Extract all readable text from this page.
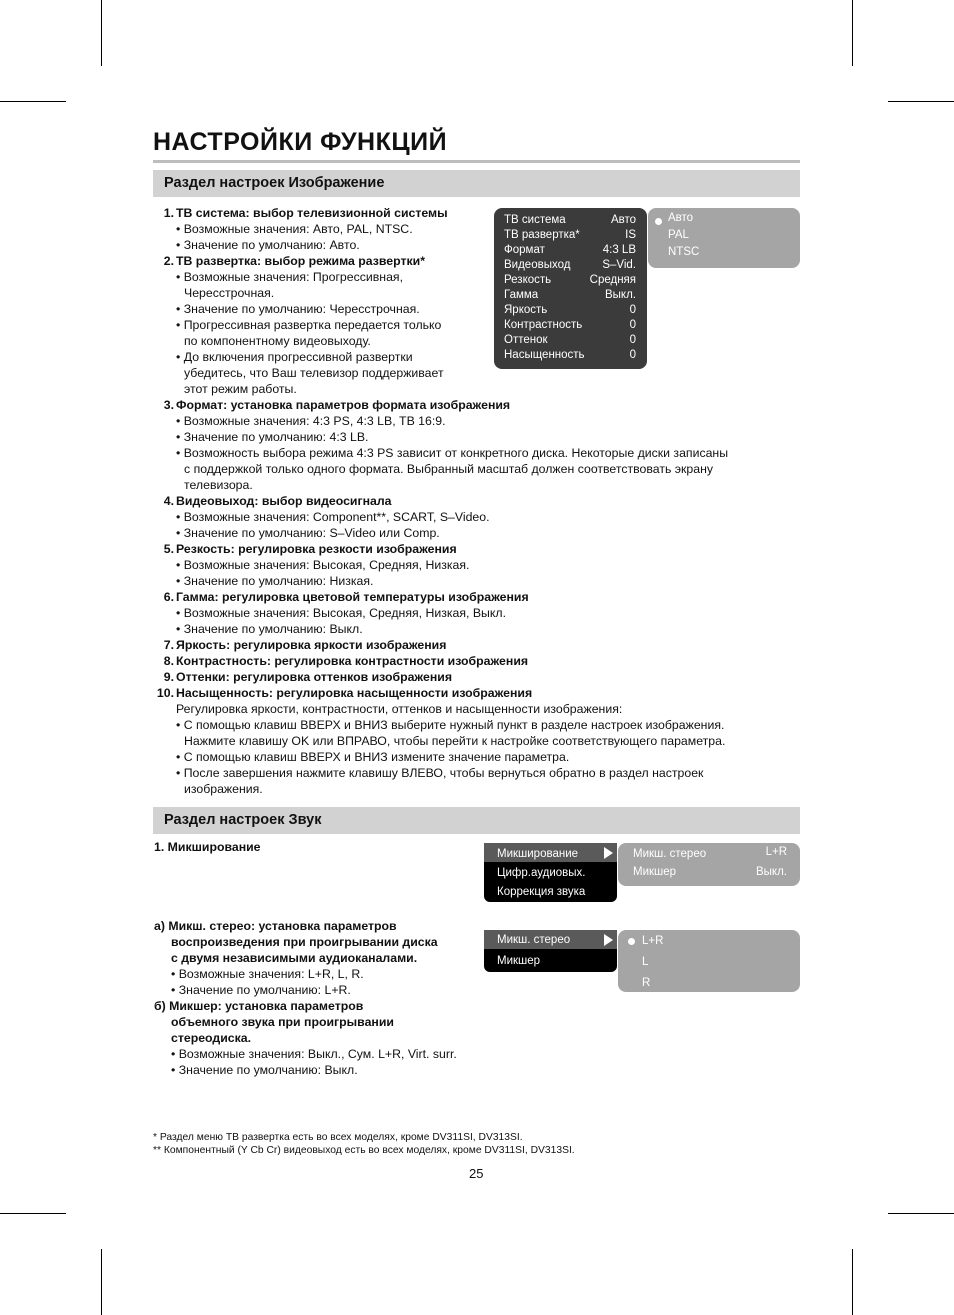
НАСТРОЙКИ ФУНКЦИЙ
Раздел настроек Изображение
1. ТВ система: выбор телевизионной системы
• Возможные значения: Авто, PAL, NTSC.
• Значение по умолчанию: Авто.
2. ТВ развертка: выбор режима развертки*
• Возможные значения: Прогрессивная,
Чересстрочная.
• Значение по умолчанию: Чересстрочная.
• Прогрессивная развертка передается только
по компонентному видеовыходу.
• До включения прогрессивной развертки
убедитесь, что Ваш телевизор поддерживает
этот режим работы.
3. Формат: установка параметров формата изображения
• Возможные значения: 4:3 PS, 4:3 LB, ТВ 16:9.
• Значение по умолчанию: 4:3 LB.
• Возможность выбора режима 4:3 PS зависит от конкретного диска. Некоторые диски записаны
с поддержкой только одного формата. Выбранный масштаб должен соответствовать экрану
телевизора.
4. Видеовыход: выбор видеосигнала
• Возможные значения: Component**, SCART, S–Video.
• Значение по умолчанию: S–Video или Comp.
5. Резкость: регулировка резкости изображения
• Возможные значения: Высокая, Средняя, Низкая.
• Значение по умолчанию: Низкая.
6. Гамма: регулировка цветовой температуры изображения
• Возможные значения: Высокая, Средняя, Низкая, Выкл.
• Значение по умолчанию: Выкл.
7. Яркость: регулировка яркости изображения
8. Контрастность: регулировка контрастности изображения
9. Оттенки: регулировка оттенков изображения
10. Насыщенность: регулировка насыщенности изображения
Регулировка яркости, контрастности, оттенков и насыщенности изображения:
• С помощью клавиш ВВЕРХ и ВНИЗ выберите нужный пункт в разделе настроек изображения.
Нажмите клавишу OK или ВПРАВО, чтобы перейти к настройке соответствующего параметра.
• С помощью клавиш ВВЕРХ и ВНИЗ измените значение параметра.
• После завершения нажмите клавишу ВЛЕВО, чтобы вернуться обратно в раздел настроек
изображения.
ТВ система	Авто
ТВ развертка*	IS
Формат	4:3 LB
Видеовыход	S–Vid.
Резкость	Средняя
Гамма	Выкл.
Яркость	0
Контрастность	0
Оттенок	0
Насыщенность	0
Авто
PAL
NTSC
Раздел настроек Звук
1. Микширование	Микширование
Цифр.аудиовых.
Коррекция звука
Микш. стерео	L+R
Микшер	Выкл.
Микш. стерео
Микшер
L+R
L
R
а) Микш. стерео: установка параметров
воспроизведения при проигрывании диска
с двумя независимыми аудиоканалами.
• Возможные значения: L+R, L, R.
• Значение по умолчанию: L+R.
б) Микшер: установка параметров
объемного звука при проигрывании
стереодиска.
• Возможные значения: Выкл., Сум. L+R, Virt. surr.
• Значение по умолчанию: Выкл.
* Раздел меню ТВ развертка есть во всех моделях, кроме DV311SI, DV313SI.
** Компонентный (Y Cb Cr) видеовыход есть во всех моделях, кроме DV311SI, DV313SI.
25
